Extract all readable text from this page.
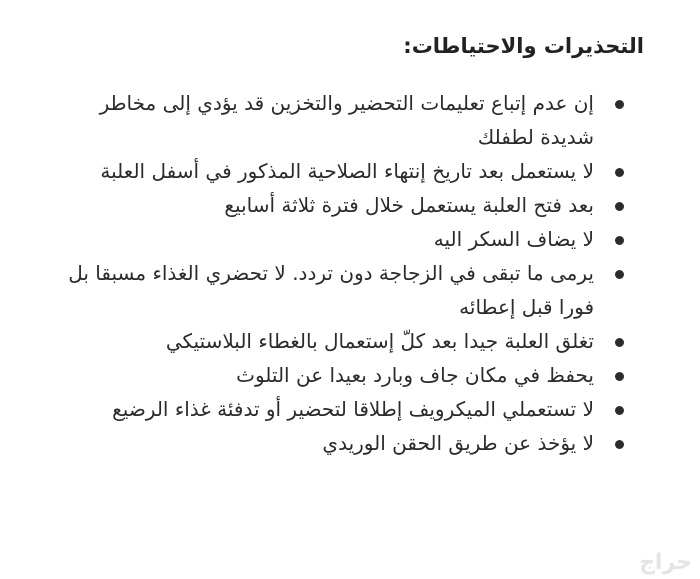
التحذيرات والاحتياطات:
إن عدم إتباع تعليمات التحضير والتخزين قد يؤدي إلى مخاطر شديدة لطفلك
لا يستعمل بعد تاريخ إنتهاء الصلاحية المذكور في أسفل العلبة
بعد فتح العلبة يستعمل خلال فترة ثلاثة أسابيع
لا يضاف السكر اليه
يرمى ما تبقى في الزجاجة دون تردد. لا تحضري الغذاء مسبقا بل فورا قبل إعطائه
تغلق العلبة جيدا بعد كلّ إستعمال بالغطاء البلاستيكي
يحفظ في مكان جاف وبارد بعيدا عن التلوث
لا تستعملي الميكرويف إطلاقا لتحضير أو تدفئة غذاء الرضيع
لا يؤخذ عن طريق الحقن الوريدي
حراج
